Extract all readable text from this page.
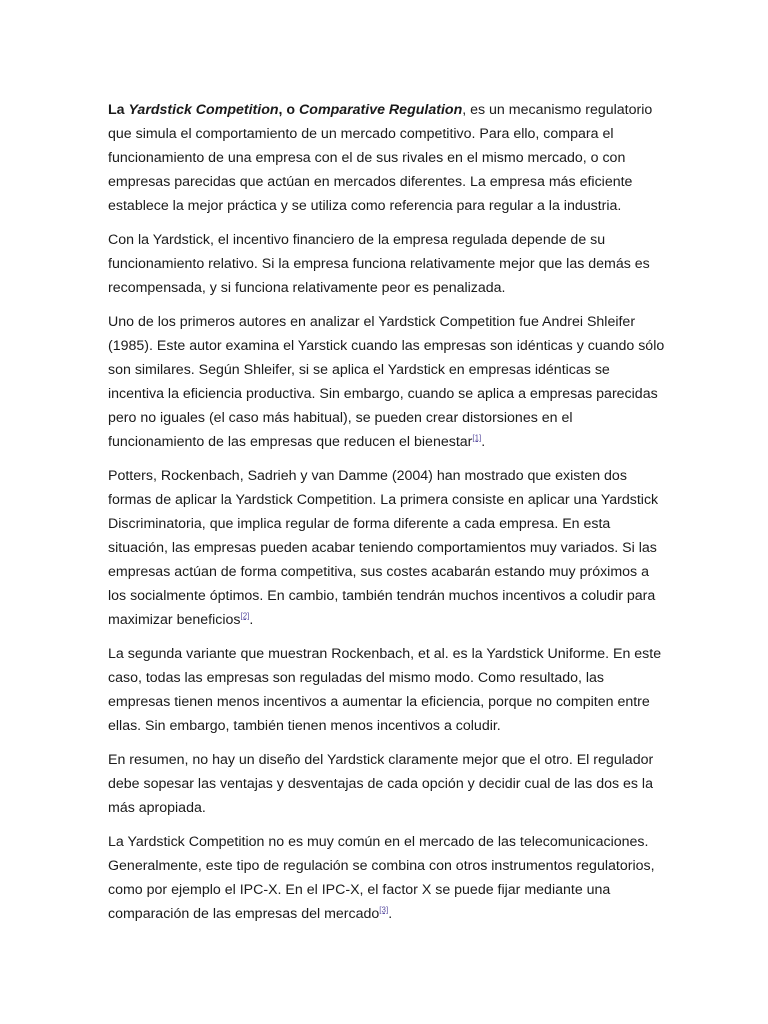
La Yardstick Competition, o Comparative Regulation, es un mecanismo regulatorio que simula el comportamiento de un mercado competitivo. Para ello, compara el funcionamiento de una empresa con el de sus rivales en el mismo mercado, o con empresas parecidas que actúan en mercados diferentes. La empresa más eficiente establece la mejor práctica y se utiliza como referencia para regular a la industria.

Con la Yardstick, el incentivo financiero de la empresa regulada depende de su funcionamiento relativo. Si la empresa funciona relativamente mejor que las demás es recompensada, y si funciona relativamente peor es penalizada.

Uno de los primeros autores en analizar el Yardstick Competition fue Andrei Shleifer (1985). Este autor examina el Yarstick cuando las empresas son idénticas y cuando sólo son similares. Según Shleifer, si se aplica el Yardstick en empresas idénticas se incentiva la eficiencia productiva. Sin embargo, cuando se aplica a empresas parecidas pero no iguales (el caso más habitual), se pueden crear distorsiones en el funcionamiento de las empresas que reducen el bienestar[1].

Potters, Rockenbach, Sadrieh y van Damme (2004) han mostrado que existen dos formas de aplicar la Yardstick Competition. La primera consiste en aplicar una Yardstick Discriminatoria, que implica regular de forma diferente a cada empresa. En esta situación, las empresas pueden acabar teniendo comportamientos muy variados. Si las empresas actúan de forma competitiva, sus costes acabarán estando muy próximos a los socialmente óptimos. En cambio, también tendrán muchos incentivos a coludir para maximizar beneficios[2].

La segunda variante que muestran Rockenbach, et al. es la Yardstick Uniforme. En este caso, todas las empresas son reguladas del mismo modo. Como resultado, las empresas tienen menos incentivos a aumentar la eficiencia, porque no compiten entre ellas. Sin embargo, también tienen menos incentivos a coludir.

En resumen, no hay un diseño del Yardstick claramente mejor que el otro. El regulador debe sopesar las ventajas y desventajas de cada opción y decidir cual de las dos es la más apropiada.

La Yardstick Competition no es muy común en el mercado de las telecomunicaciones. Generalmente, este tipo de regulación se combina con otros instrumentos regulatorios, como por ejemplo el IPC-X. En el IPC-X, el factor X se puede fijar mediante una comparación de las empresas del mercado[3].
